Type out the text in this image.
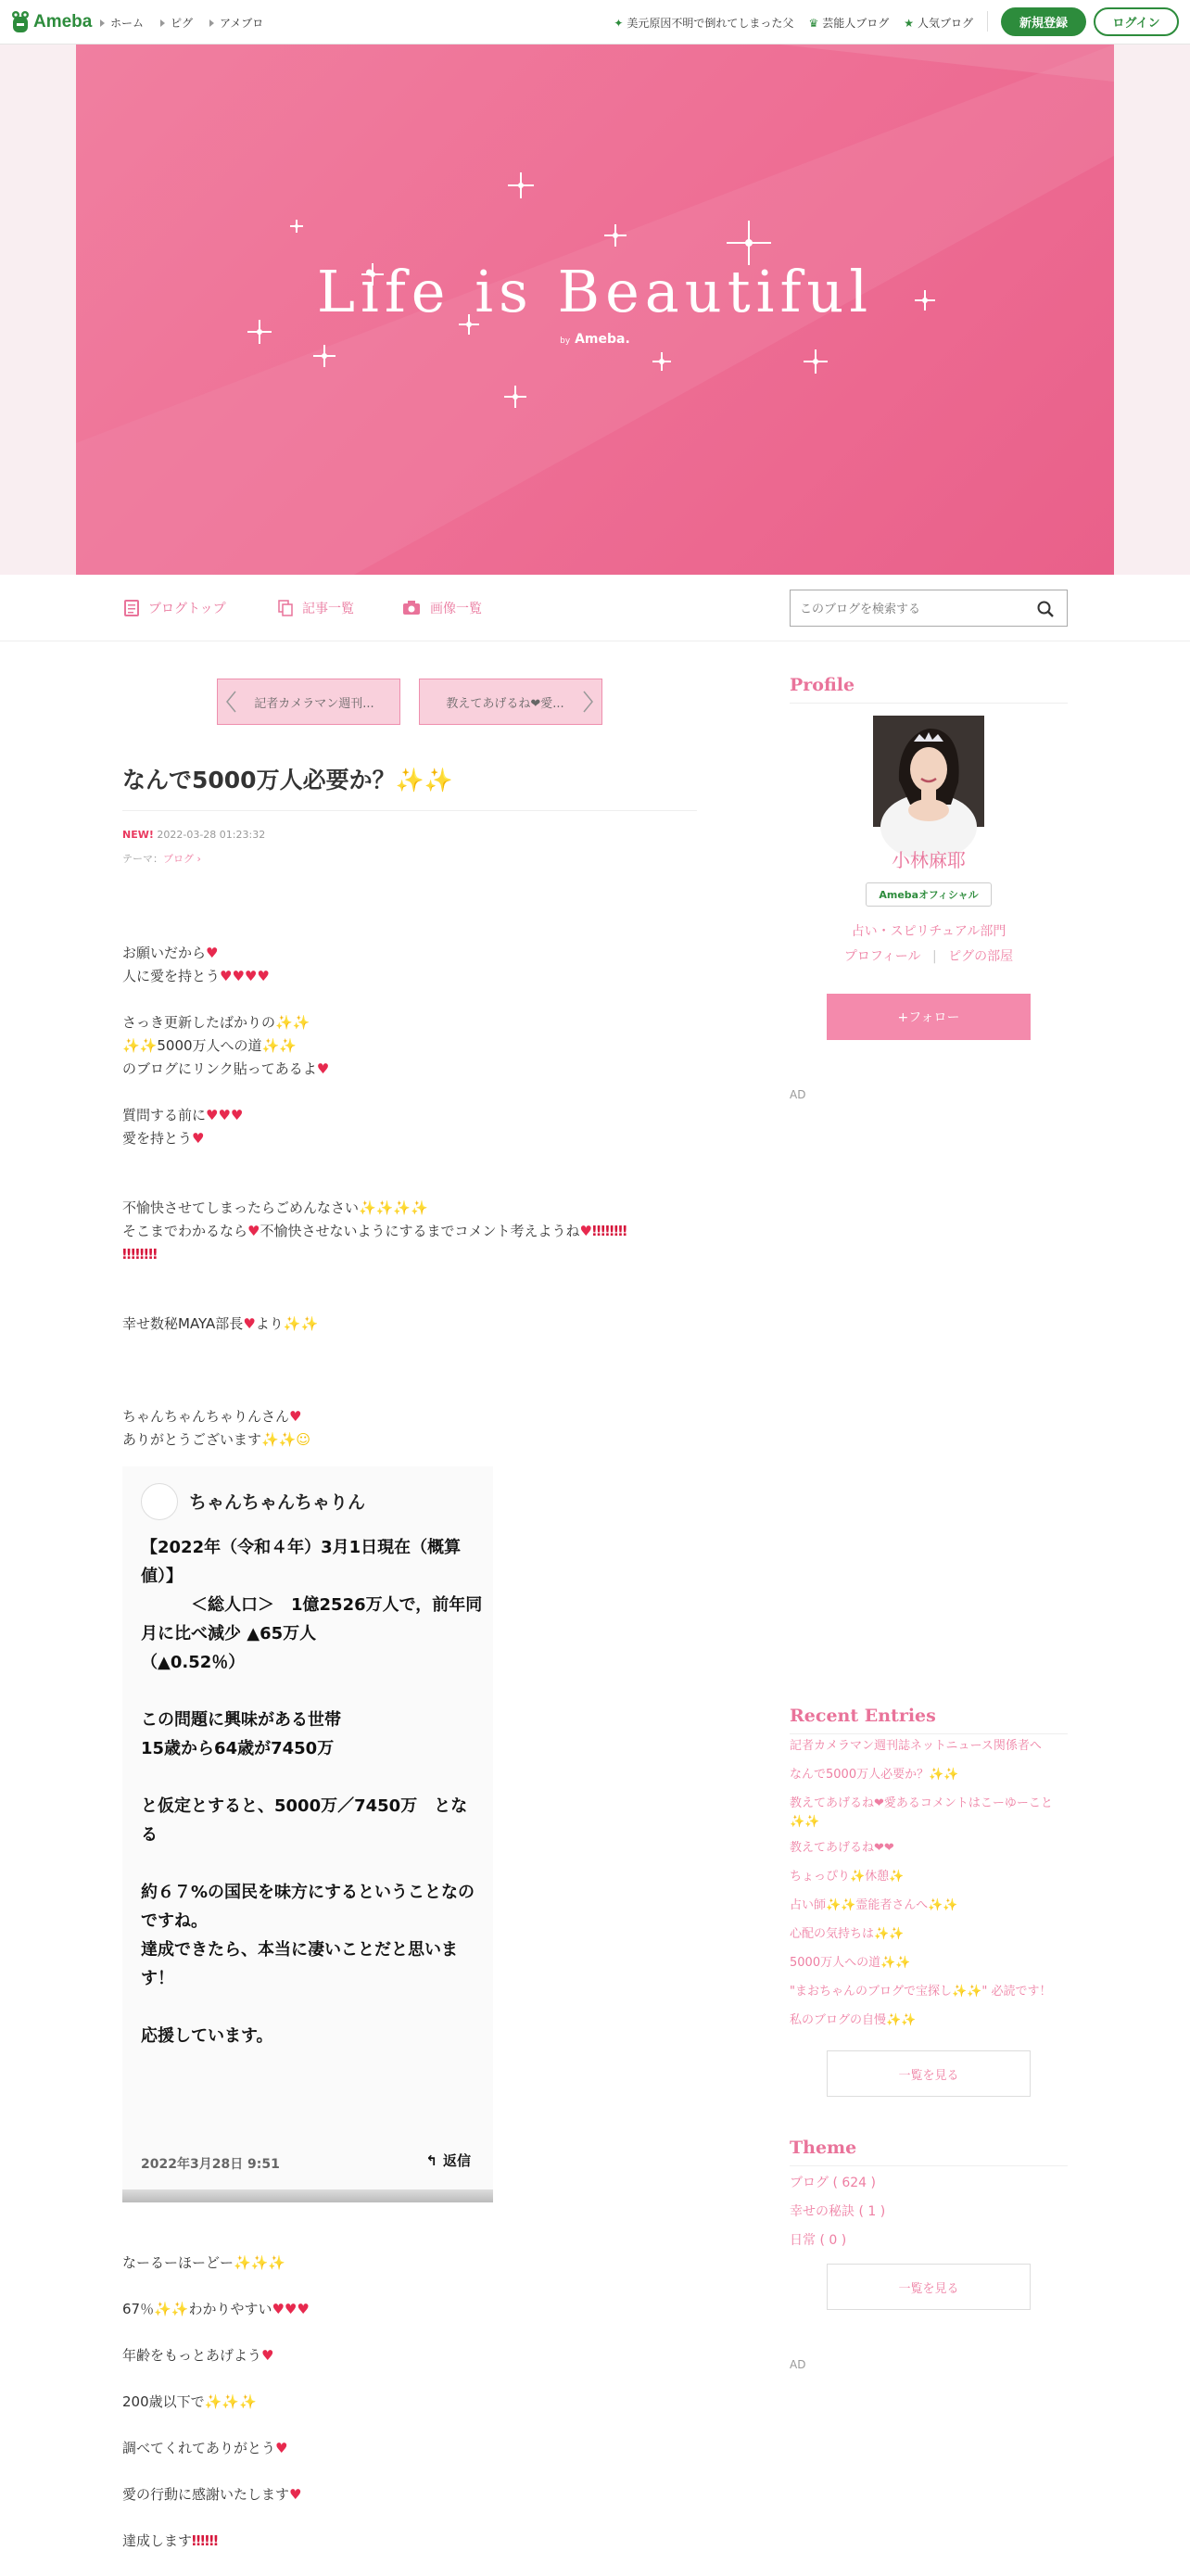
Ameba ホーム ピグ アメブロ	✦ 美元原因不明で倒れてしまった父 ♛ 芸能人ブログ ★ 人気ブログ	新規登録	ログイン
Life is Beautiful
by Ameba.
ブログトップ	記事一覧	画像一覧
このブログを検索する
記者カメラマン週刊...	教えてあげるね❤︎愛...
なんで5000万人必要か？✨✨
NEW! 2022-03-28 01:23:32
テーマ：ブログ ›
お願いだから♥
人に愛を持とう♥♥♥♥
さっき更新したばかりの✨✨
✨✨5000万人への道✨✨
のブログにリンク貼ってあるよ♥
質問する前に♥♥♥
愛を持とう♥
不愉快させてしまったらごめんなさい✨✨✨✨
そこまでわかるなら♥不愉快させないようにするまでコメント考えようね♥‼‼‼‼
‼‼‼‼
幸せ数秘MAYA部長♥より✨✨
ちゃんちゃんちゃりんさん♥
ありがとうございます✨✨☺
ちゃんちゃんちゃりん
【2022年（令和４年）3月1日現在（概算値）】
　　　＜総人口＞　1億2526万人で，前年同月に比べ減少 ▲65万人
（▲0.52％）

この問題に興味がある世帯
15歳から64歳が7450万

と仮定とすると、5000万／7450万　となる

約６７%の国民を味方にするということなのですね。
達成できたら、本当に凄いことだと思います！

応援しています。
2022年3月28日 9:51	↰ 返信

なーるーほーどー✨✨✨

67％✨✨わかりやすい♥♥♥

年齢をもっとあげよう♥

200歳以下で✨✨✨

調べてくれてありがとう♥

愛の行動に感謝いたします♥

達成します‼‼‼

Profile
小林麻耶
Amebaオフィシャル
占い・スピリチュアル部門
プロフィール | ピグの部屋
+フォロー
AD
Recent Entries
記者カメラマン週刊誌ネットニュース関係者へ
なんで5000万人必要か？✨✨
教えてあげるね❤︎愛あるコメントはこーゆーこと✨✨
教えてあげるね❤❤
ちょっぴり✨休憩✨
占い師✨✨霊能者さんへ✨✨
心配の気持ちは✨✨
5000万人への道✨✨
"まおちゃんのブログで宝探し✨✨" 必読です！
私のブログの自慢✨✨
一覧を見る
Theme
ブログ ( 624 )
幸せの秘訣 ( 1 )
日常 ( 0 )
一覧を見る
AD
